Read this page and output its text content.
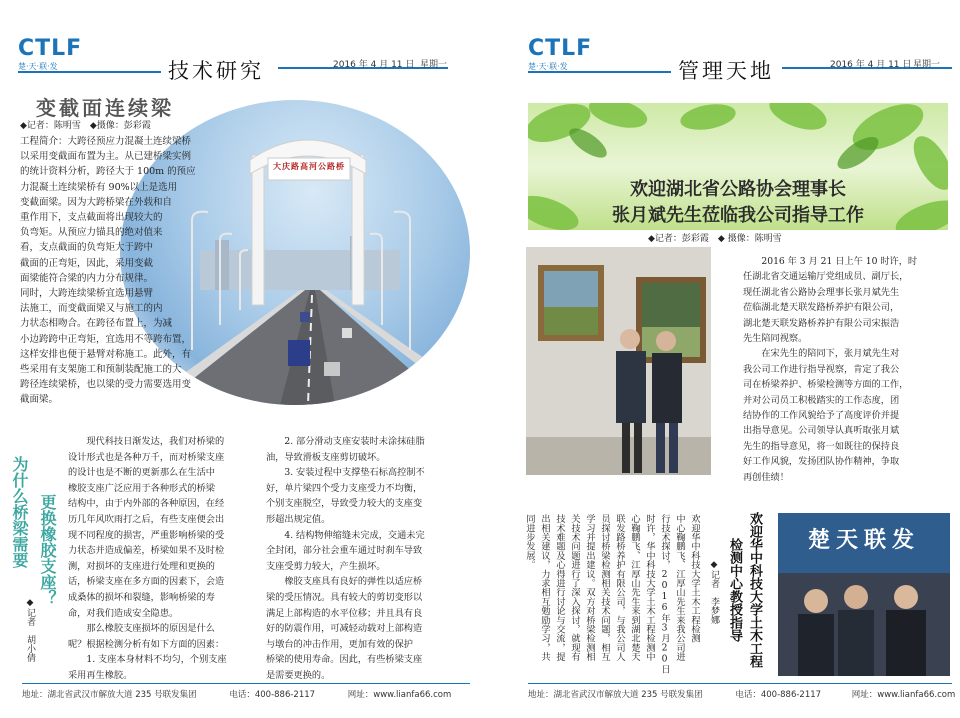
CTLF
楚·天·联·发	技术研究	2016 年 4 月 11 日 星期一
变截面连续梁
大庆路高河公路桥
◆记者：陈明雪　◆摄像：彭彩霞
工程简介：大跨径预应力混凝土连续梁桥
以采用变截面布置为主。从已建桥梁实例
的统计资料分析，跨径大于 100m 的预应
力混凝土连续梁桥有 90%以上是选用
变截面梁。因为大跨桥梁在外载和自
重作用下，支点截面将出现较大的
负弯矩。从预应力锚具的绝对值来
看，支点截面的负弯矩大于跨中
截面的正弯矩，因此，采用变截
面梁能符合梁的内力分布规律。
同时，大跨连续梁桥宜选用悬臂
法施工，而变截面梁又与施工的内
力状态相吻合。在跨径布置上，为减
小边跨跨中正弯矩，宜选用不等跨布置，
这样安排也便于悬臂对称施工。此外，有
些采用有支架施工和预制装配施工的大
跨径连续梁桥，也以梁的受力需要选用变
截面梁。
为什么桥梁需要 更换橡胶支座？
◆记者　胡小倩
　　现代科技日渐发达，我们对桥梁的
设计形式也是各种万千，而对桥梁支座
的设计也是不断的更新那么在生活中
橡胶支座广泛应用于各种形式的桥梁
结构中，由于内外部的各种原因，在经
历几年风吹雨打之后，有些支座便会出
现不同程度的损害，严重影响桥梁的受
力状态并造成偏差，桥梁如果不及时检
测，对损坏的支座进行处理和更换的
话，桥梁支座在多方面的因素下，会造
成桑体的损坏和裂缝，影响桥梁的寿
命，对我们造成安全隐患。
　　那么橡胶支座损坏的原因是什么
呢？根据检测分析有如下方面的因素：
　　1. 支座本身材料不均匀，个别支座
采用再生橡胶。
　　2. 部分滑动支座安装时未涂抹硅脂
油，导致滑板支座剪切破坏。
　　3. 安装过程中支撑垫石标高控制不
好，单片梁四个受力支座受力不均衡，
个别支座脱空，导致受力较大的支座变
形超出规定值。
　　4. 结构物伸缩缝未完成，交通未完
全封闭，部分社会重车通过时刹车导致
支座受剪力较大，产生损坏。
　　橡胶支座具有良好的弹性以适应桥
梁的受压情况。具有较大的剪切变形以
满足上部构造的水平位移；并且具有良
好的防震作用，可减轻动载对上部构造
与墩台的冲击作用，更加有效的保护
桥梁的使用寿命。因此，有些桥梁支座
是需要更换的。
地址：湖北省武汉市解放大道 235 号联发集团	电话：400-886-2117	网址：www.lianfa66.com
CTLF
楚·天·联·发	管理天地	2016 年 4 月 11 日 星期一
地址：湖北省武汉市解放大道 235 号联发集团	电话：400-886-2117	网址：www.lianfa66.com
欢迎湖北省公路协会理事长
张月斌先生莅临我公司指导工作
◆记者：彭彩霞　◆ 摄像：陈明雪
　　2016 年 3 月 21 日上午 10 时许，时
任湖北省交通运输厅党组成员、副厅长，
现任湖北省公路协会理事长张月斌先生
莅临湖北楚天联发路桥养护有限公司，
湖北楚天联发路桥养护有限公司宋振浩
先生陪同视察。
　　在宋先生的陪同下，张月斌先生对
我公司工作进行指导视察，肯定了我公
司在桥梁养护、桥梁检测等方面的工作，
并对公司员工积极踏实的工作态度，团
结协作的工作风貌给予了高度评价并提
出指导意见。公司领导认真听取张月斌
先生的指导意见，将一如既往的保持良
好工作风貌，发扬团队协作精神，争取
再创佳绩！
欢迎华中科技大学土木工程
检测中心教授指导
◆记者　李梦娜
欢迎华中科技大学土木工程检测
中心鞠鹏飞、江厚山先生来我公司进
行技术探讨，2016年3月20日
时许，华中科技大学土木工程检测中
心鞠鹏飞、江厚山先生来到湖北楚天
联发路桥养护有限公司，与我公司人
员探讨桥梁检测相关技术问题，相互
学习并提出建议。双方对桥梁检测相
关技术问题进行了深入探讨，就现有
技术难题及心得进行讨论与交流，提
出相关建议，力求相互勉励学习，共
同进步发展。	楚天联发
